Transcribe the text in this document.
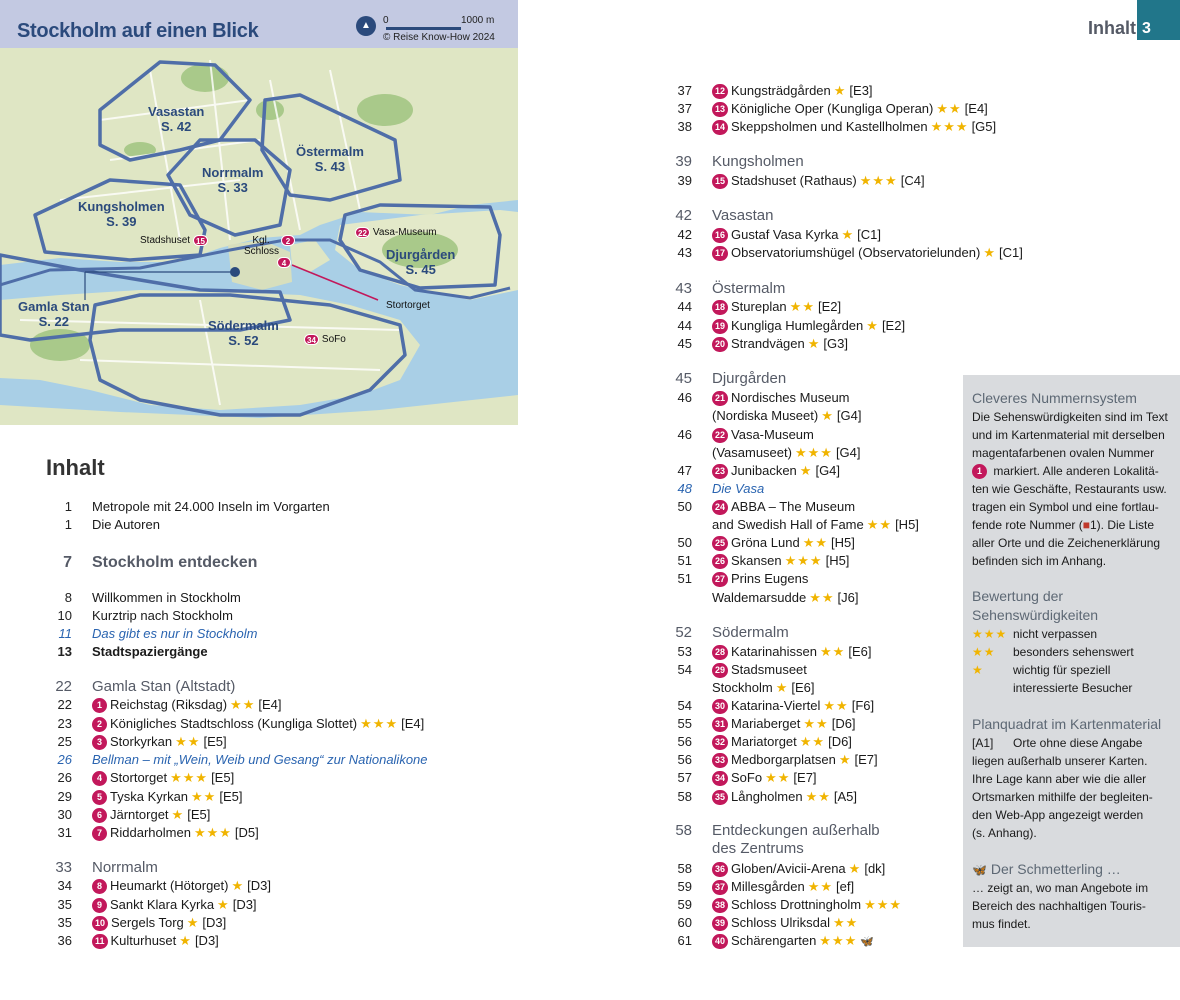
Stockholm auf einen Blick	▲	0	1000 m
© Reise Know-How 2024
Vasastan
S. 42
Östermalm
S. 43
Norrmalm
S. 33
Kungsholmen
S. 39
Djurgården
S. 45
Gamla Stan
S. 22	Södermalm
S. 52
Stadshuset 15	Kgl. Schloss
2
4
22 Vasa-Museum
34 SoFo
Stortorget
Inhalt
1 Metropole mit 24.000 Inseln im Vorgarten
1 Die Autoren
7 Stockholm entdecken
8 Willkommen in Stockholm
10 Kurztrip nach Stockholm
11 Das gibt es nur in Stockholm
13 Stadtspaziergänge
22 Gamla Stan (Altstadt)
22	1 Reichstag (Riksdag) ★★ [E4]
23	2 Königliches Stadtschloss (Kungliga Slottet) ★★★ [E4]
25	3 Storkyrkan ★★ [E5]
26 Bellman – mit „Wein, Weib und Gesang“ zur Nationalikone
26	4 Stortorget ★★★ [E5]
29	5 Tyska Kyrkan ★★ [E5]
30	6 Järntorget ★ [E5]
31	7 Riddarholmen ★★★ [D5]
33 Norrmalm
34	8 Heumarkt (Hötorget) ★ [D3]
35	9 Sankt Klara Kyrka ★ [D3]
35	10 Sergels Torg ★ [D3]
36	11 Kulturhuset ★ [D3]
Inhalt 3
37	12 Kungsträdgården ★ [E3]
37	13 Königliche Oper (Kungliga Operan) ★★ [E4]
38	14 Skeppsholmen und Kastellholmen ★★★ [G5]
39 Kungsholmen
39	15 Stadshuset (Rathaus) ★★★ [C4]
42 Vasastan
42	16 Gustaf Vasa Kyrka ★ [C1]
43	17 Observatoriumshügel (Observatorielunden) ★ [C1]
43 Östermalm
44	18 Stureplan ★★ [E2]
44	19 Kungliga Humlegården ★ [E2]
45	20 Strandvägen ★ [G3]
45 Djurgården
46	21 Nordisches Museum
(Nordiska Museet) ★ [G4]
46	22 Vasa-Museum
(Vasamuseet) ★★★ [G4]
47	23 Junibacken ★ [G4]
48 Die Vasa
50	24 ABBA – The Museum
and Swedish Hall of Fame ★★ [H5]
50	25 Gröna Lund ★★ [H5]
51	26 Skansen ★★★ [H5]
51	27 Prins Eugens
Waldemarsudde ★★ [J6]
52 Södermalm
53	28 Katarinahissen ★★ [E6]
54	29 Stadsmuseet
Stockholm ★ [E6]
54	30 Katarina-Viertel ★★ [F6]
55	31 Mariaberget ★★ [D6]
56	32 Mariatorget ★★ [D6]
56	33 Medborgarplatsen ★ [E7]
57	34 SoFo ★★ [E7]
58	35 Långholmen ★★ [A5]
58 Entdeckungen außerhalb
des Zentrums
58	36 Globen/Avicii-Arena ★ [dk]
59	37 Millesgården ★★ [ef]
59	38 Schloss Drottningholm ★★★
60	39 Schloss Ulriksdal ★★
61	40 Schärengarten ★★★ 🦋
Cleveres Nummernsystem
Die Sehenswürdigkeiten sind im Text
und im Kartenmaterial mit derselben
magentafarbenen ovalen Nummer
1 markiert. Alle anderen Lokalitä-
ten wie Geschäfte, Restaurants usw.
tragen ein Symbol und eine fortlau-
fende rote Nummer (■1). Die Liste
aller Orte und die Zeichenerklärung
befinden sich im Anhang.
Bewertung der
Sehenswürdigkeiten
★★★ nicht verpassen
★★ besonders sehenswert
★ wichtig für speziell
interessierte Besucher
Planquadrat im Kartenmaterial
[A1] Orte ohne diese Angabe
liegen außerhalb unserer Karten.
Ihre Lage kann aber wie die aller
Ortsmarken mithilfe der begleiten-
den Web-App angezeigt werden
(s. Anhang).
🦋 Der Schmetterling …
… zeigt an, wo man Angebote im
Bereich des nachhaltigen Touris-
mus findet.
